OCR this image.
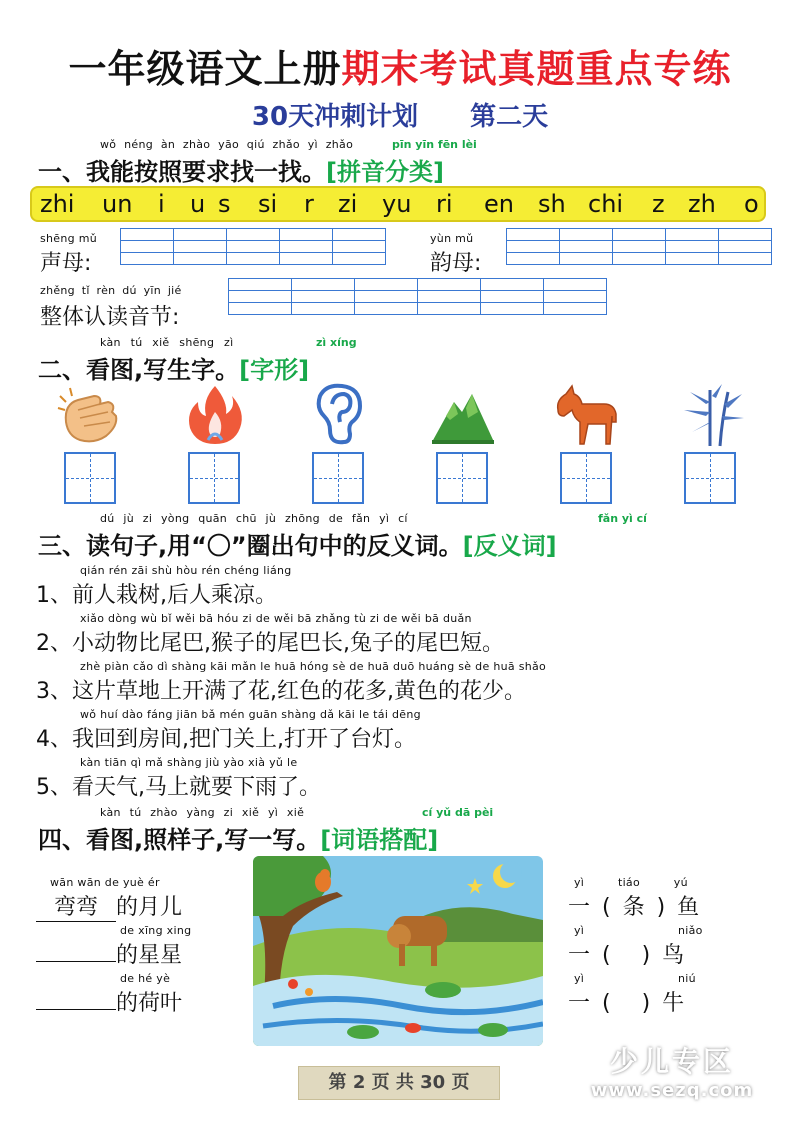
一年级语文上册期末考试真题重点专练
30天冲刺计划 第二天
wǒ néng àn zhào yāo qiú zhǎo yì zhǎo	pīn yīn fēn lèi
一、我能按照要求找一找。[拼音分类]
zhi un i u s si r zi yu ri en sh chi z zh o
shēng mǔ
声母:

yùn mǔ
韵母:

zhěng tǐ rèn dú yīn jié
整体认读音节:

kàn tú xiě shēng zì	zì xíng
二、看图,写生字。[字形]
dú jù zi yòng quān chū jù zhōng de fǎn yì cí	fǎn yì cí
三、读句子,用“〇”圈出句中的反义词。[反义词]
qián rén zāi shù hòu rén chéng liáng
1、前人栽树,后人乘凉。
xiǎo dòng wù bǐ wěi bā hóu zi de wěi bā zhǎng tù zi de wěi bā duǎn
2、小动物比尾巴,猴子的尾巴长,兔子的尾巴短。
zhè piàn cǎo dì shàng kāi mǎn le huā hóng sè de huā duō huáng sè de huā shǎo
3、这片草地上开满了花,红色的花多,黄色的花少。
wǒ huí dào fáng jiān bǎ mén guān shàng dǎ kāi le tái dēng
4、我回到房间,把门关上,打开了台灯。
kàn tiān qì mǎ shàng jiù yào xià yǔ le
5、看天气,马上就要下雨了。
kàn tú zhào yàng zi xiě yì xiě	cí yǔ dā pèi
四、看图,照样子,写一写。[词语搭配]
wān wān de yuè ér
弯弯 的月儿
de xīng xing
的星星
de hé yè
的荷叶
yì tiáo yú
一(条)鱼
yì niǎo
一( )鸟
yì niú
一( )牛
第 2 页 共 30 页
少儿专区
www.sezq.com
